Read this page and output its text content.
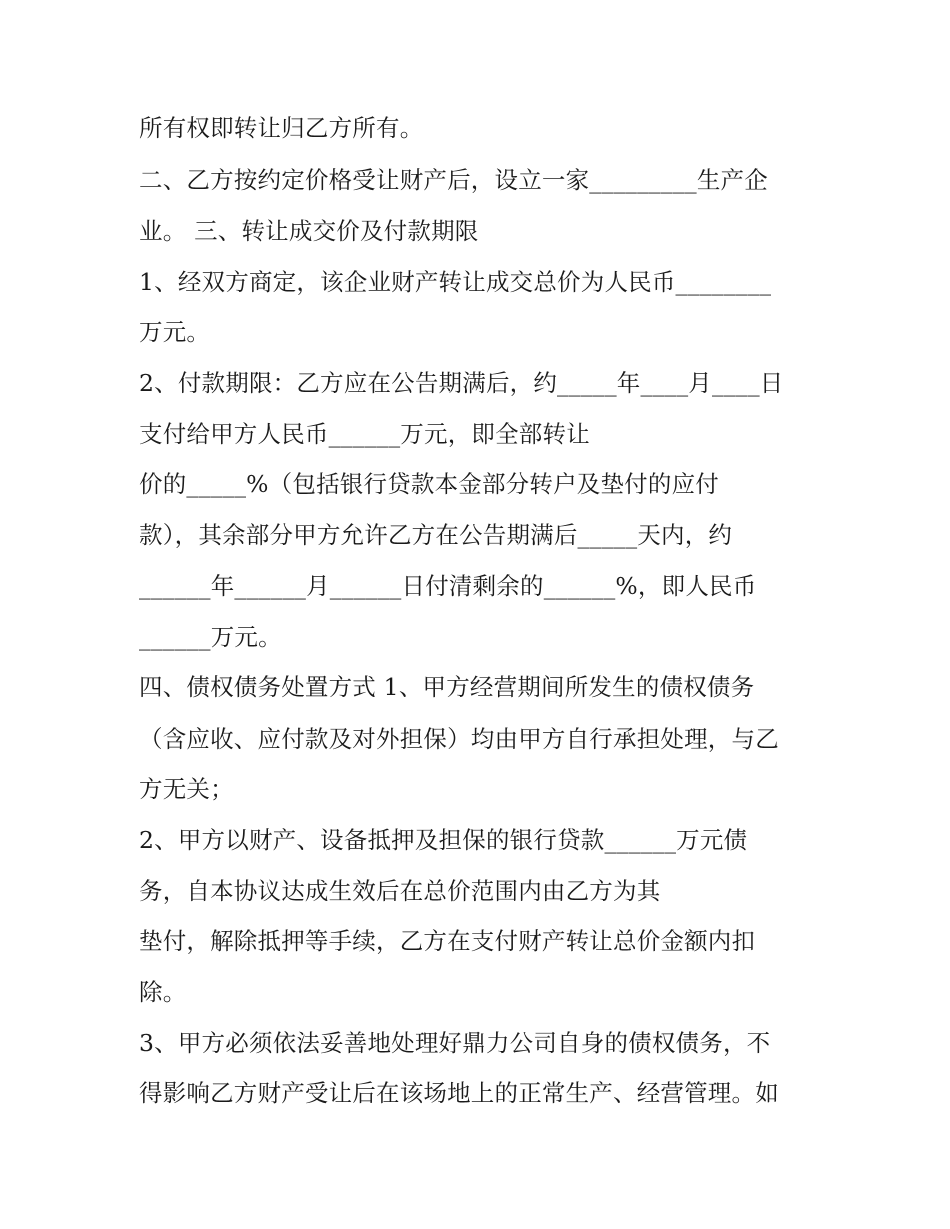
所有权即转让归乙方所有。
二、乙方按约定价格受让财产后，设立一家_________生产企
业。 三、转让成交价及付款期限
1、经双方商定，该企业财产转让成交总价为人民币________
万元。
2、付款期限：乙方应在公告期满后，约_____年____月____日
支付给甲方人民币______万元，即全部转让
价的_____%（包括银行贷款本金部分转户及垫付的应付
款），其余部分甲方允许乙方在公告期满后_____天内，约
______年______月______日付清剩余的______%，即人民币
______万元。
四、债权债务处置方式 1、甲方经营期间所发生的债权债务
（含应收、应付款及对外担保）均由甲方自行承担处理，与乙
方无关；
2、甲方以财产、设备抵押及担保的银行贷款______万元债
务，自本协议达成生效后在总价范围内由乙方为其
垫付，解除抵押等手续，乙方在支付财产转让总价金额内扣
除。
3、甲方必须依法妥善地处理好鼎力公司自身的债权债务，不
得影响乙方财产受让后在该场地上的正常生产、经营管理。如
